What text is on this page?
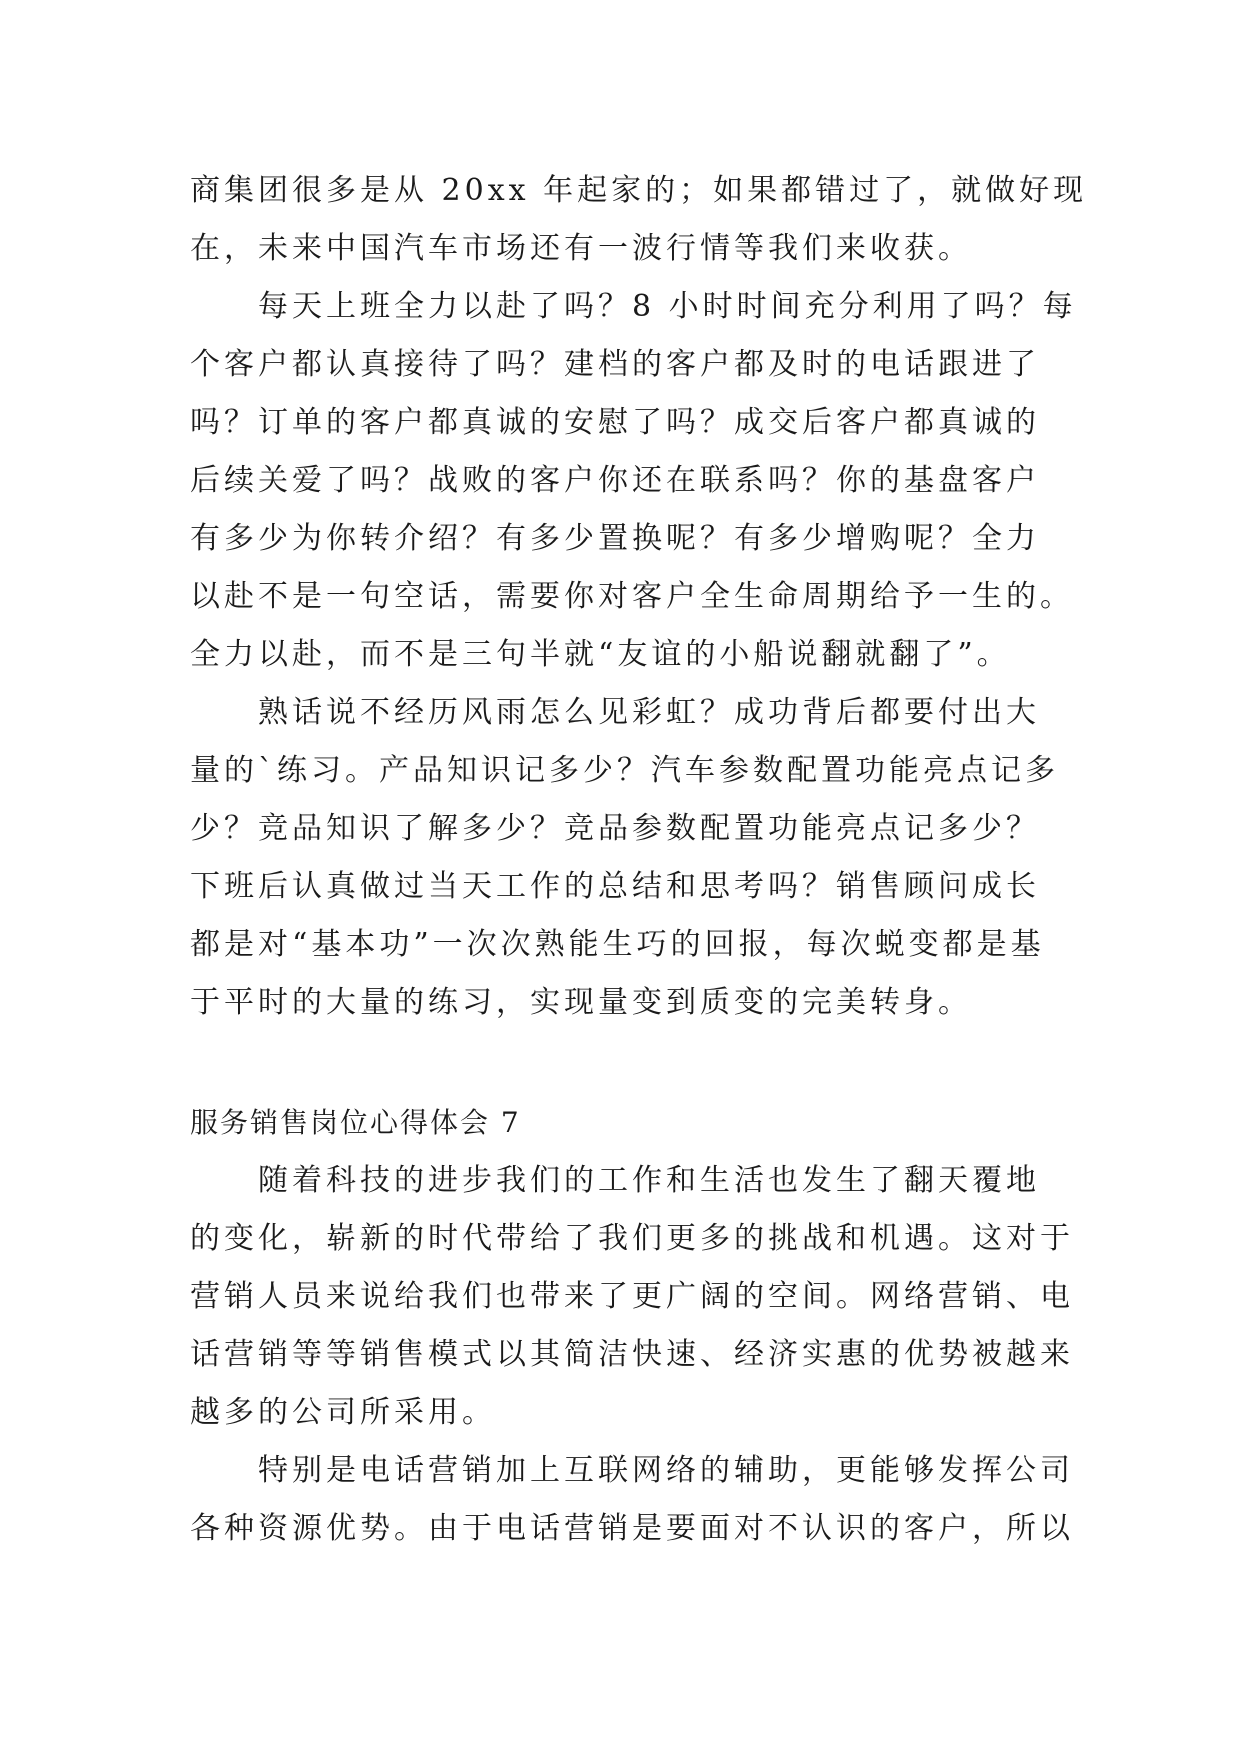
商集团很多是从 20xx 年起家的；如果都错过了，就做好现
在，未来中国汽车市场还有一波行情等我们来收获。
每天上班全力以赴了吗？8 小时时间充分利用了吗？每
个客户都认真接待了吗？建档的客户都及时的电话跟进了
吗？订单的客户都真诚的安慰了吗？成交后客户都真诚的
后续关爱了吗？战败的客户你还在联系吗？你的基盘客户
有多少为你转介绍？有多少置换呢？有多少增购呢？全力
以赴不是一句空话，需要你对客户全生命周期给予一生的。
全力以赴，而不是三句半就“友谊的小船说翻就翻了”。
熟话说不经历风雨怎么见彩虹？成功背后都要付出大
量的`练习。产品知识记多少？汽车参数配置功能亮点记多
少？竞品知识了解多少？竞品参数配置功能亮点记多少？
下班后认真做过当天工作的总结和思考吗？销售顾问成长
都是对“基本功”一次次熟能生巧的回报，每次蜕变都是基
于平时的大量的练习，实现量变到质变的完美转身。
服务销售岗位心得体会 7
随着科技的进步我们的工作和生活也发生了翻天覆地
的变化，崭新的时代带给了我们更多的挑战和机遇。这对于
营销人员来说给我们也带来了更广阔的空间。网络营销、电
话营销等等销售模式以其简洁快速、经济实惠的优势被越来
越多的公司所采用。
特别是电话营销加上互联网络的辅助，更能够发挥公司
各种资源优势。由于电话营销是要面对不认识的客户，所以
